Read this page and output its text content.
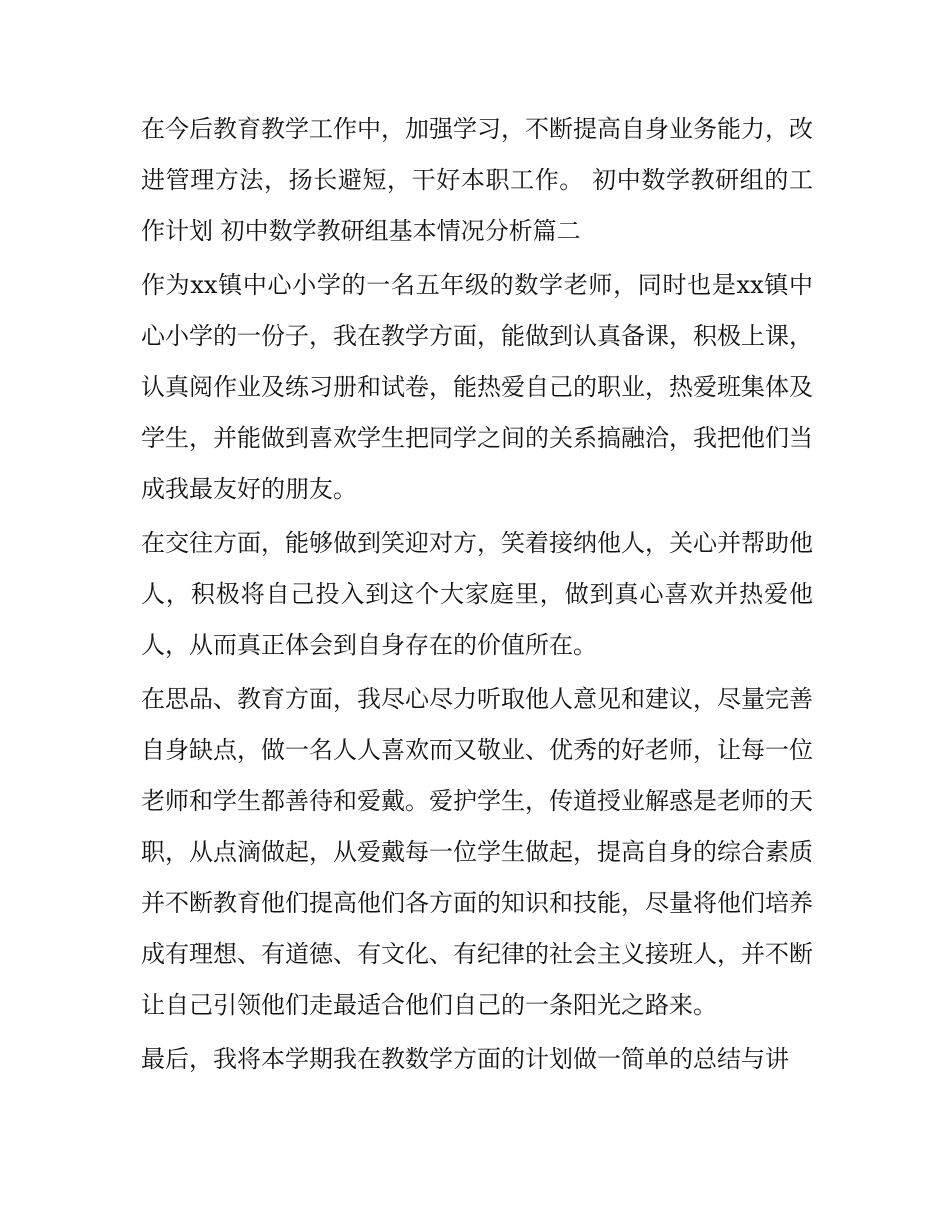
在今后教育教学工作中，加强学习，不断提高自身业务能力，改进管理方法，扬长避短，干好本职工作。 初中数学教研组的工作计划 初中数学教研组基本情况分析篇二

作为xx镇中心小学的一名五年级的数学老师，同时也是xx镇中心小学的一份子，我在教学方面，能做到认真备课，积极上课，认真阅作业及练习册和试卷，能热爱自己的职业，热爱班集体及学生，并能做到喜欢学生把同学之间的关系搞融洽，我把他们当成我最友好的朋友。

在交往方面，能够做到笑迎对方，笑着接纳他人，关心并帮助他人，积极将自己投入到这个大家庭里，做到真心喜欢并热爱他人，从而真正体会到自身存在的价值所在。

在思品、教育方面，我尽心尽力听取他人意见和建议，尽量完善自身缺点，做一名人人喜欢而又敬业、优秀的好老师，让每一位老师和学生都善待和爱戴。爱护学生，传道授业解惑是老师的天职，从点滴做起，从爱戴每一位学生做起，提高自身的综合素质并不断教育他们提高他们各方面的知识和技能，尽量将他们培养成有理想、有道德、有文化、有纪律的社会主义接班人，并不断让自己引领他们走最适合他们自己的一条阳光之路来。

最后，我将本学期我在教数学方面的计划做一简单的总结与讲
